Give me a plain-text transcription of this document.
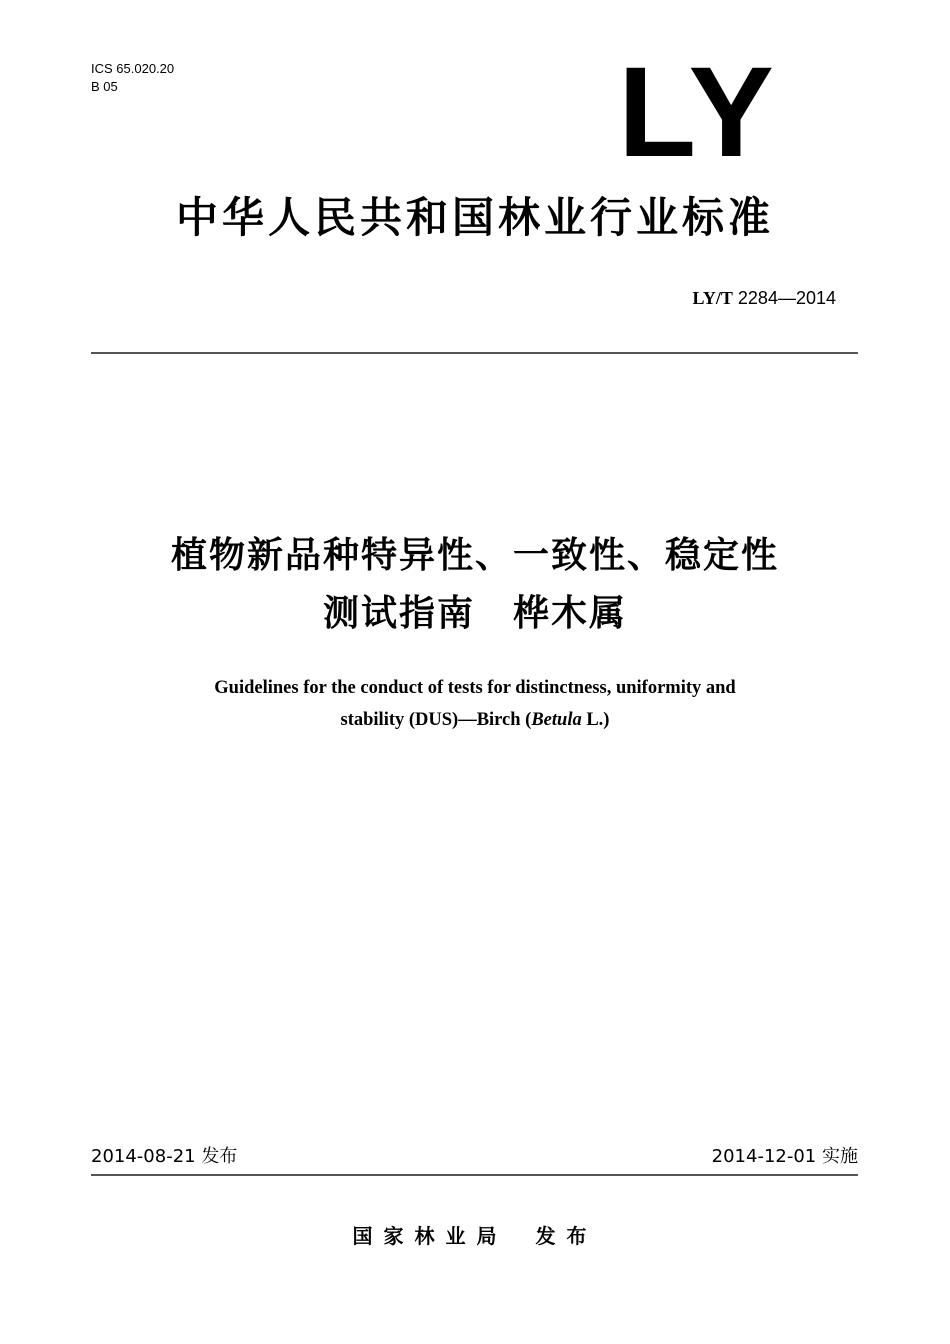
ICS 65.020.20
B 05	LY
中华人民共和国林业行业标准
LY/T 2284—2014
植物新品种特异性、一致性、稳定性
测试指南　桦木属
Guidelines for the conduct of tests for distinctness, uniformity and
stability (DUS)—Birch (Betula L.)
2014-08-21 发布	2014-12-01 实施
国家林业局 发布
